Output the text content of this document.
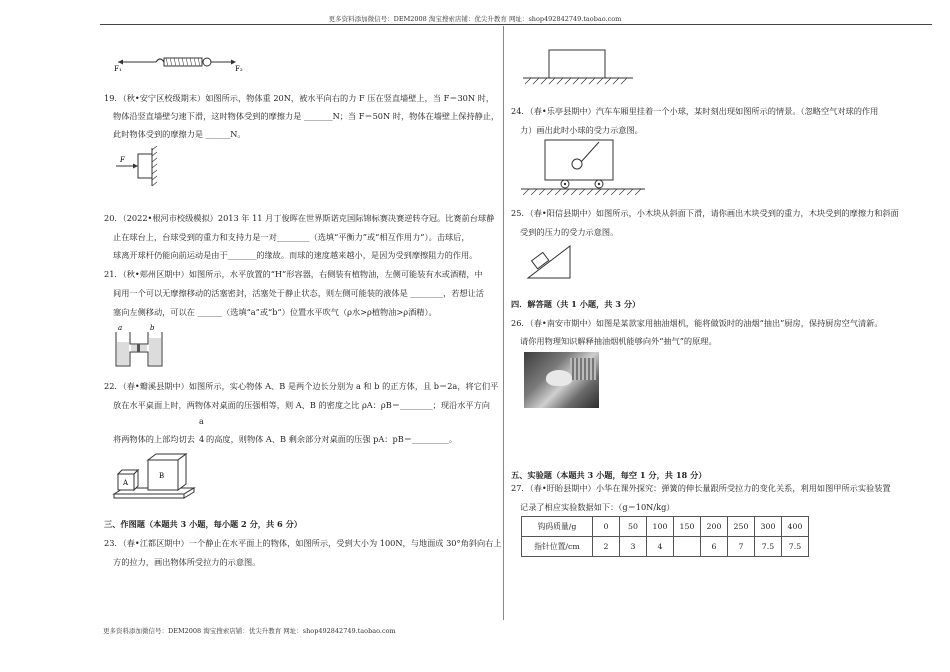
更多资料添加微信号：DEM2008 淘宝搜索店铺：优尖升教育 网址：shop492842749.taobao.com
更多资料添加微信号：DEM2008 淘宝搜索店铺：优尖升教育 网址：shop492842749.taobao.com
F₁	F₂
19．（秋•安宁区校级期末）如图所示，物体重 20N，被水平向右的力 F 压在竖直墙壁上，当 F＝30N 时，
物体沿竖直墙壁匀速下滑，这时物体受到的摩擦力是 _______N；当 F＝50N 时，物体在墙壁上保持静止，
此时物体受到的摩擦力是 ______N。
F
20．（2022•根河市校级模拟）2013 年 11 月丁俊晖在世界斯诺克国际锦标赛决赛逆转夺冠。比赛前台球静
止在球台上，台球受到的重力和支持力是一对________（选填“平衡力”或“相互作用力”）。击球后，
球离开球杆仍能向前运动是由于_______的缘故。而球的速度越来越小，是因为受到摩擦阻力的作用。
21．（秋•郏州区期中）如图所示，水平放置的“H”形容器，右侧装有植物油，左侧可能装有水或酒精，中
间用一个可以无摩擦移动的活塞密封，活塞处于静止状态，则左侧可能装的液体是 ________，若想让活
塞向左侧移动，可以在 ______（选填“a”或“b”）位置水平吹气（ρ水>ρ植物油>ρ酒精）。
a	b
22．（春•瓣溪县期中）如图所示，实心物体 A、B 是两个边长分别为 a 和 b 的正方体，且 b＝2a，将它们平
放在水平桌面上时，两物体对桌面的压强相等，则 A、B 的密度之比 ρA：ρB＝________；现沿水平方向
a
将两物体的上部均切去 4 的高度，则物体 A、B 剩余部分对桌面的压强 pA：pB＝_________。
A
B
三、作图题（本题共 3 小题，每小题 2 分，共 6 分）
23．（春•江都区期中）一个静止在水平面上的物体，如图所示，受到大小为 100N，与地面成 30°角斜向右上
方的拉力，画出物体所受拉力的示意图。
24．（春•乐亭县期中）汽车车厢里挂着一个小球，某时刻出现如图所示的情景。（忽略空气对球的作用
力）画出此时小球的受力示意图。
25．（春•阳信县期中）如图所示，小木块从斜面下滑，请你画出木块受到的重力，木块受到的摩擦力和斜面
受到的压力的受力示意图。
四．解答题（共 1 小题，共 3 分）
26．（春•南安市期中）如图是某款家用抽油烟机，能将做饭时的油烟“抽出”厨房，保持厨房空气清新。
请你用物理知识解释抽油烟机能够向外“抽气”的原理。
五、实验题（本题共 3 小题，每空 1 分，共 18 分）
27．（春•盱眙县期中）小华在课外探究：弹簧的伸长量跟所受拉力的变化关系，利用如图甲所示实验装置
记录了相应实验数据如下：（g＝10N/kg）
钩码质量/g	0	50	100	150	200	250	300	400
指针位置/cm	2	3	4		6	7	7.5	7.5
